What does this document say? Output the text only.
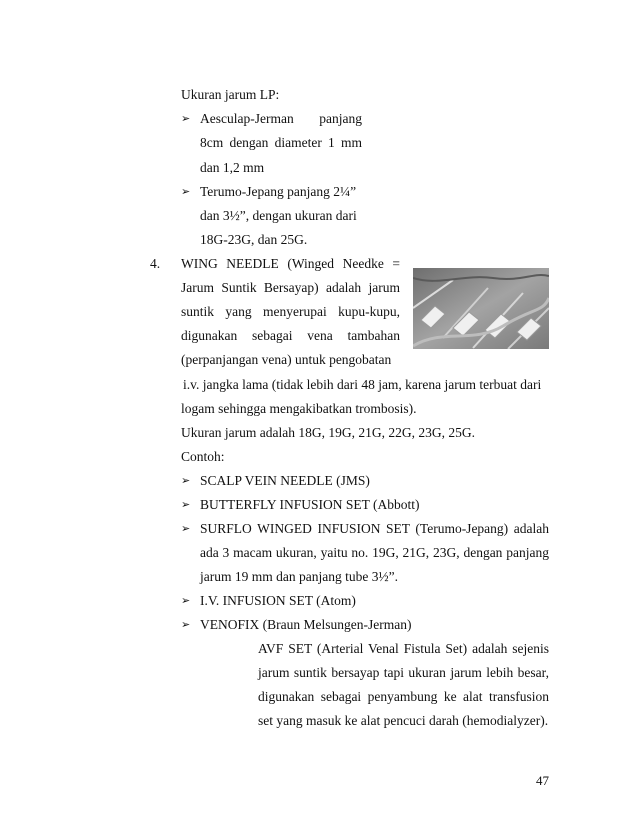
Ukuran jarum LP:
➢ Aesculap-Jerman panjang
8cm dengan diameter 1 mm
dan 1,2 mm
➢ Terumo-Jepang panjang 2¼”
dan 3½”, dengan ukuran dari
18G-23G, dan 25G.
4. WING NEEDLE (Winged Needke =
Jarum Suntik Bersayap) adalah jarum
suntik yang menyerupai kupu-kupu,
digunakan sebagai vena tambahan
(perpanjangan vena) untuk pengobatan
i.v. jangka lama (tidak lebih dari 48 jam, karena jarum terbuat dari
logam sehingga mengakibatkan trombosis).
Ukuran jarum adalah 18G, 19G, 21G, 22G, 23G, 25G.
Contoh:
➢ SCALP VEIN NEEDLE (JMS)
➢ BUTTERFLY INFUSION SET (Abbott)
➢ SURFLO WINGED INFUSION SET (Terumo-Jepang) adalah
ada 3 macam ukuran, yaitu no. 19G, 21G, 23G, dengan panjang
jarum 19 mm dan panjang tube 3½”.
➢ I.V. INFUSION SET (Atom)
➢ VENOFIX (Braun Melsungen-Jerman)
AVF SET (Arterial Venal Fistula Set) adalah sejenis
jarum suntik bersayap tapi ukuran jarum lebih besar,
digunakan sebagai penyambung ke alat transfusion
set yang masuk ke alat pencuci darah (hemodialyzer).
47
